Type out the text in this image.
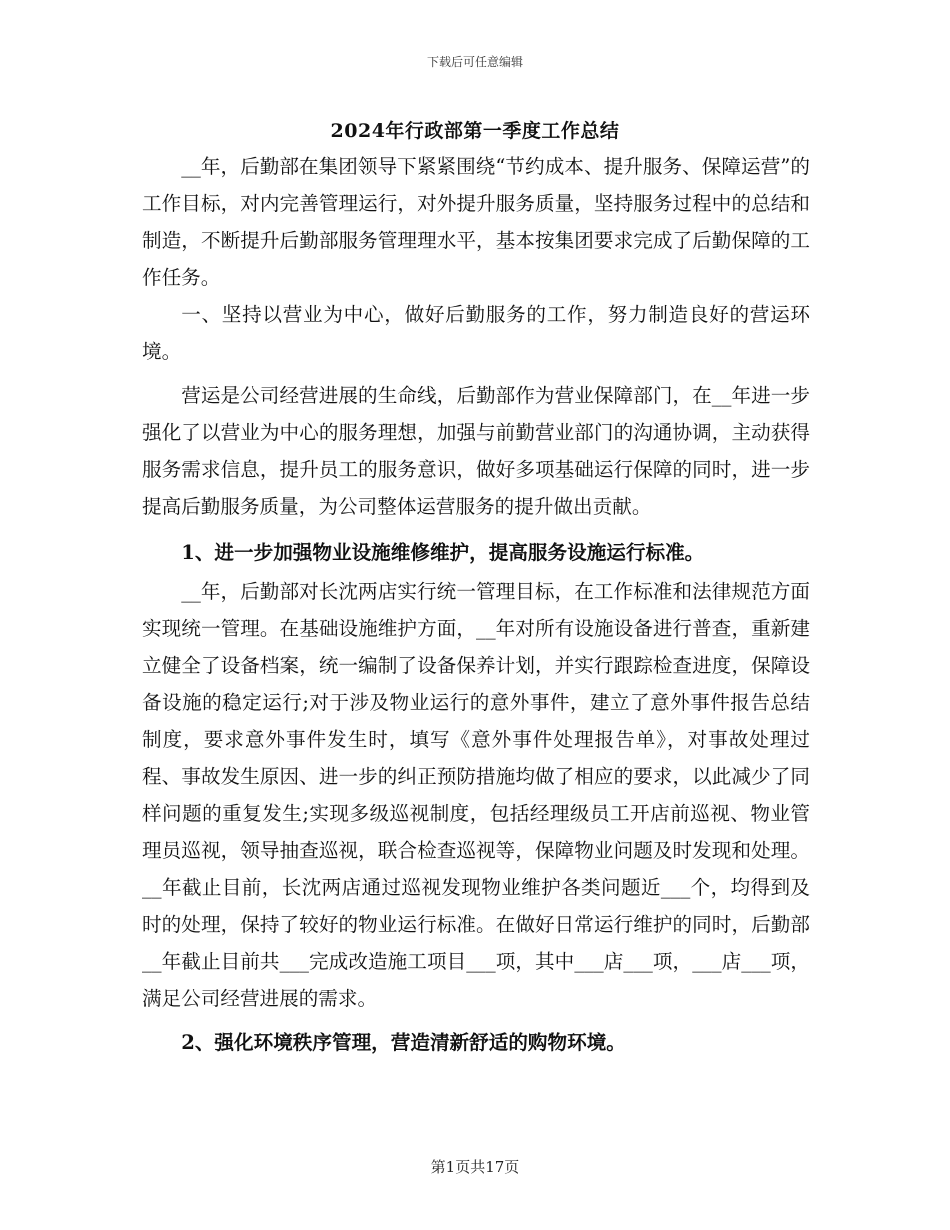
下载后可任意编辑
2024年行政部第一季度工作总结

__年，后勤部在集团领导下紧紧围绕“节约成本、提升服务、保障运营”的工作目标，对内完善管理运行，对外提升服务质量，坚持服务过程中的总结和制造，不断提升后勤部服务管理理水平，基本按集团要求完成了后勤保障的工作任务。

一、坚持以营业为中心，做好后勤服务的工作，努力制造良好的营运环境。

营运是公司经营进展的生命线，后勤部作为营业保障部门，在__年进一步强化了以营业为中心的服务理想，加强与前勤营业部门的沟通协调，主动获得服务需求信息，提升员工的服务意识，做好多项基础运行保障的同时，进一步提高后勤服务质量，为公司整体运营服务的提升做出贡献。

1、进一步加强物业设施维修维护，提高服务设施运行标准。

__年，后勤部对长沈两店实行统一管理目标，在工作标准和法律规范方面实现统一管理。在基础设施维护方面，__年对所有设施设备进行普查，重新建立健全了设备档案，统一编制了设备保养计划，并实行跟踪检查进度，保障设备设施的稳定运行;对于涉及物业运行的意外事件，建立了意外事件报告总结制度，要求意外事件发生时，填写《意外事件处理报告单》，对事故处理过程、事故发生原因、进一步的纠正预防措施均做了相应的要求，以此减少了同样问题的重复发生;实现多级巡视制度，包括经理级员工开店前巡视、物业管理员巡视，领导抽查巡视，联合检查巡视等，保障物业问题及时发现和处理。__年截止目前，长沈两店通过巡视发现物业维护各类问题近___个，均得到及时的处理，保持了较好的物业运行标准。在做好日常运行维护的同时，后勤部__年截止目前共___完成改造施工项目___项，其中___店___项，___店___项，满足公司经营进展的需求。

2、强化环境秩序管理，营造清新舒适的购物环境。

第1页共17页
